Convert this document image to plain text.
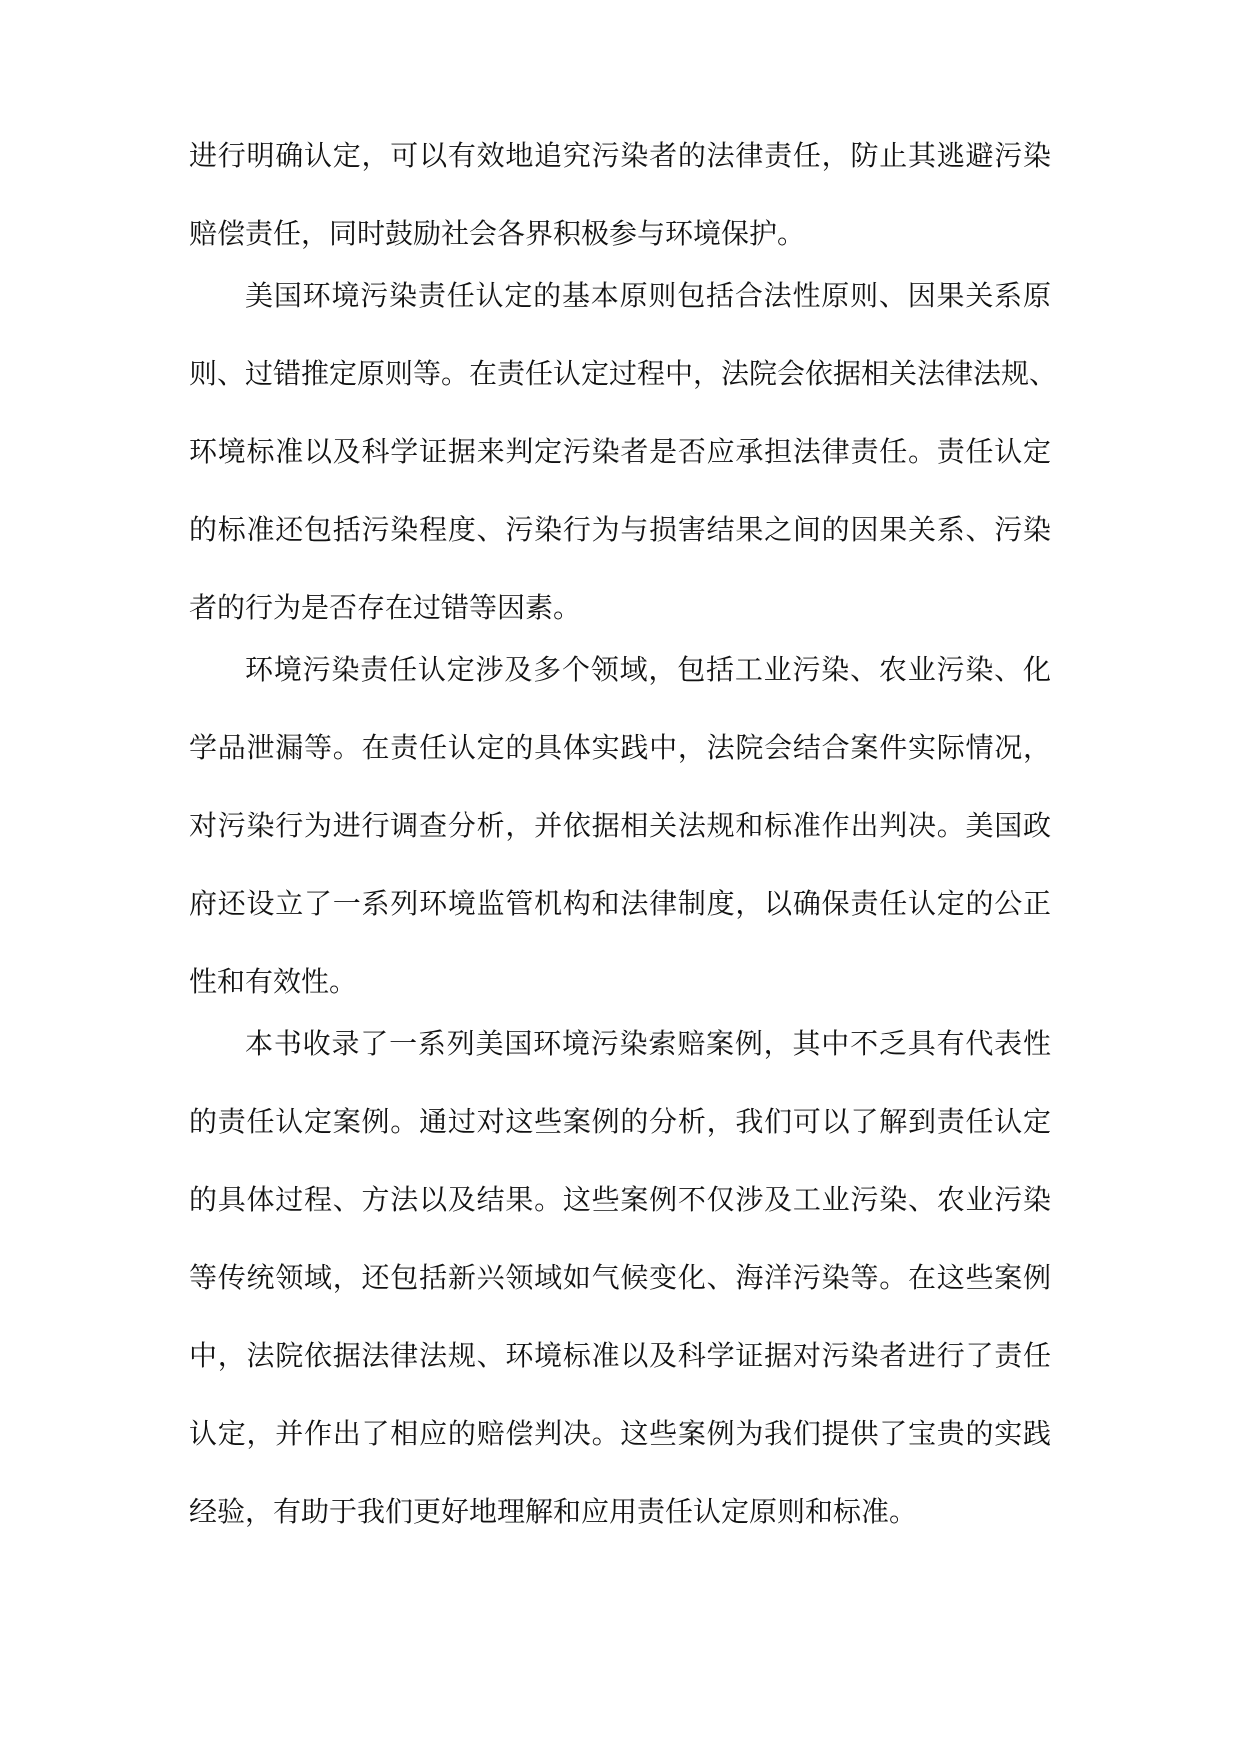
进行明确认定，可以有效地追究污染者的法律责任，防止其逃避污染
赔偿责任，同时鼓励社会各界积极参与环境保护。
美国环境污染责任认定的基本原则包括合法性原则、因果关系原
则、过错推定原则等。在责任认定过程中，法院会依据相关法律法规、
环境标准以及科学证据来判定污染者是否应承担法律责任。责任认定
的标准还包括污染程度、污染行为与损害结果之间的因果关系、污染
者的行为是否存在过错等因素。
环境污染责任认定涉及多个领域，包括工业污染、农业污染、化
学品泄漏等。在责任认定的具体实践中，法院会结合案件实际情况，
对污染行为进行调查分析，并依据相关法规和标准作出判决。美国政
府还设立了一系列环境监管机构和法律制度，以确保责任认定的公正
性和有效性。
本书收录了一系列美国环境污染索赔案例，其中不乏具有代表性
的责任认定案例。通过对这些案例的分析，我们可以了解到责任认定
的具体过程、方法以及结果。这些案例不仅涉及工业污染、农业污染
等传统领域，还包括新兴领域如气候变化、海洋污染等。在这些案例
中，法院依据法律法规、环境标准以及科学证据对污染者进行了责任
认定，并作出了相应的赔偿判决。这些案例为我们提供了宝贵的实践
经验，有助于我们更好地理解和应用责任认定原则和标准。
